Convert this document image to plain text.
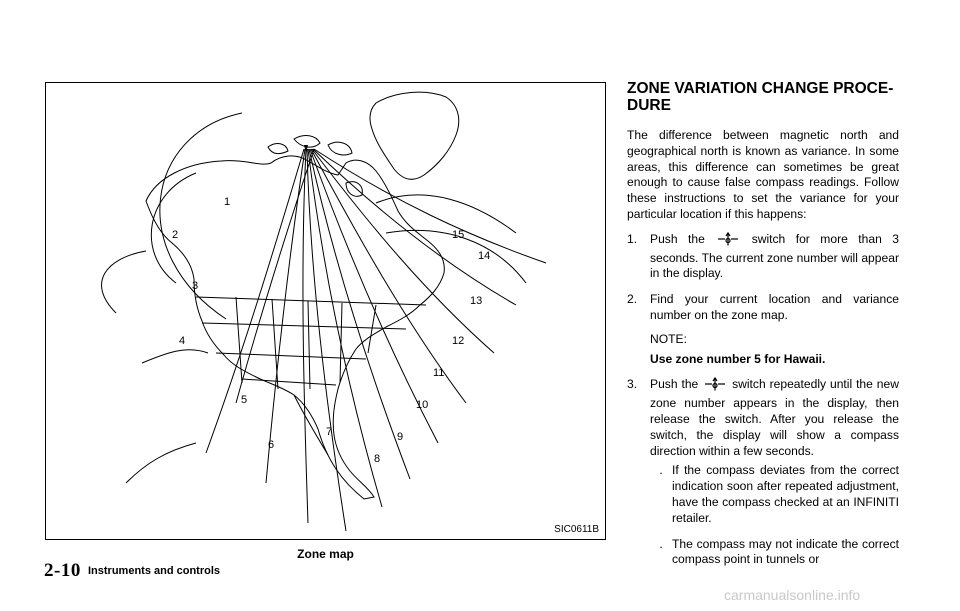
1
2
3
4
5
6
7
8
9
10
11
12
13
14
15
SIC0611B
Zone map
2-10 Instruments and controls
ZONE VARIATION CHANGE PROCE-
DURE

The difference between magnetic north and geographical north is known as variance. In some areas, this difference can sometimes be great enough to cause false compass readings. Follow these instructions to set the variance for your particular location if this happens:

1.	Push the	switch for more than 3 seconds. The current zone number will appear in the display.
2.	Find your current location and variance number on the zone map.
NOTE:
Use zone number 5 for Hawaii.
3.	Push the	switch repeatedly until the new zone number appears in the display, then release the switch. After you release the switch, the display will show a compass direction within a few seconds.
. If the compass deviates from the correct indication soon after repeated adjustment, have the compass checked at an INFINITI retailer.
. The compass may not indicate the correct compass point in tunnels or
carmanualsonline.info
